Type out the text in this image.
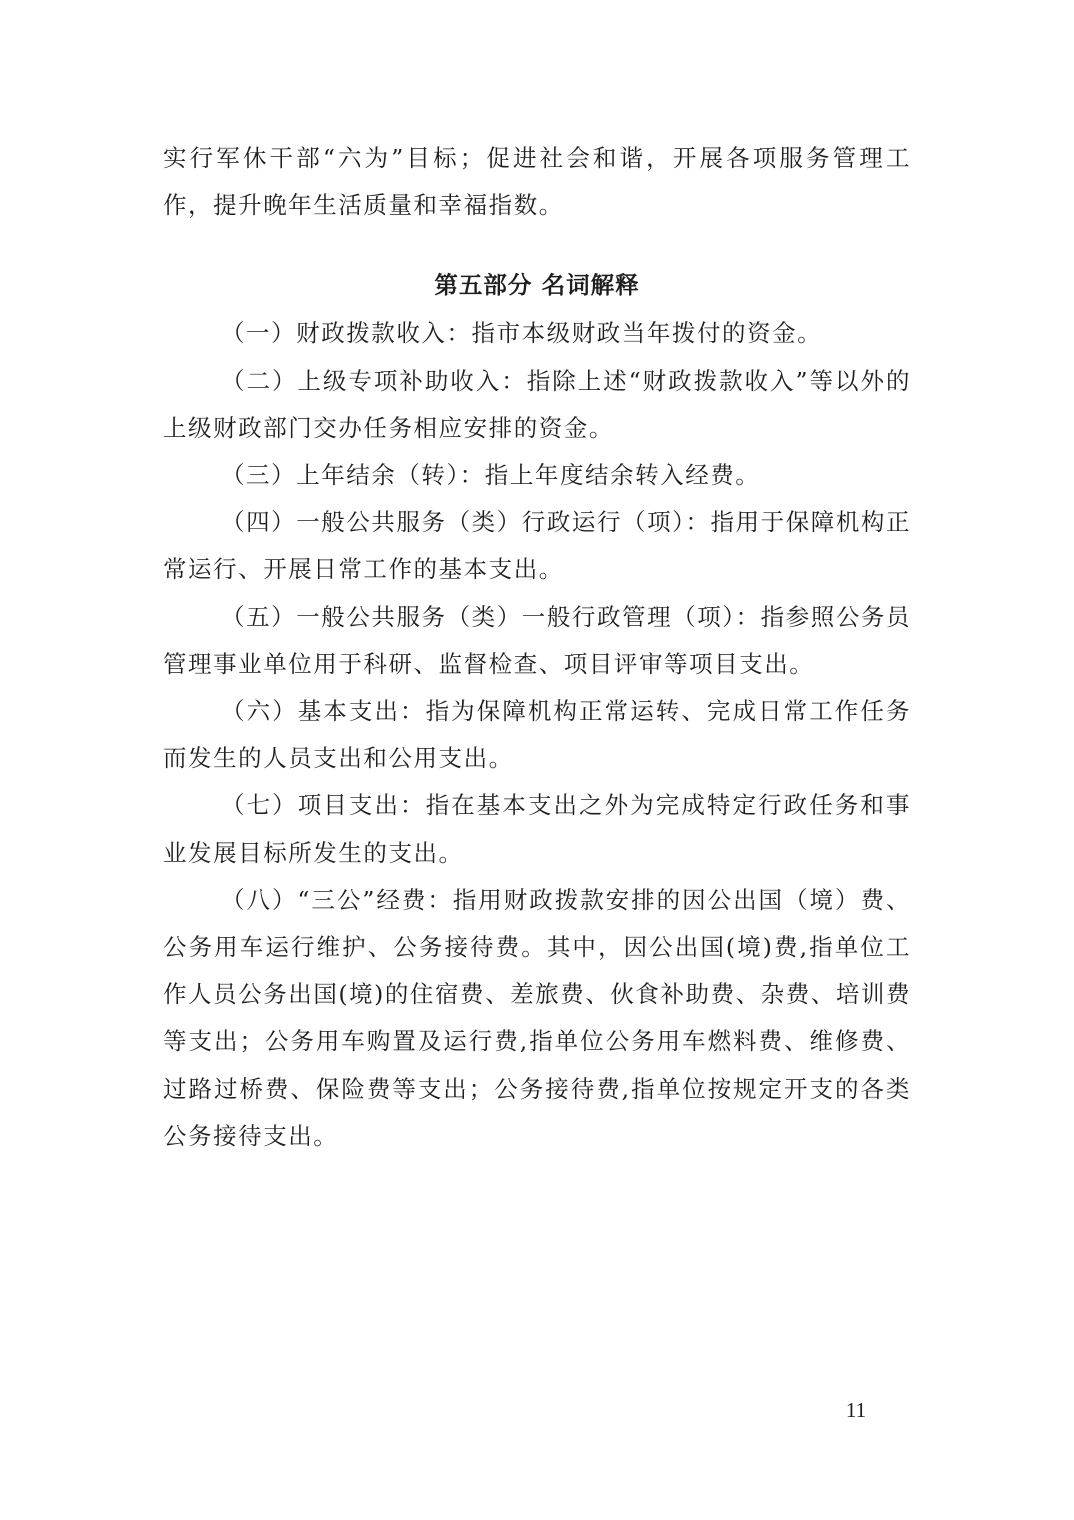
实行军休干部“六为”目标；促进社会和谐，开展各项服务管理工作，提升晚年生活质量和幸福指数。

第五部分 名词解释

（一）财政拨款收入：指市本级财政当年拨付的资金。

（二）上级专项补助收入：指除上述“财政拨款收入”等以外的上级财政部门交办任务相应安排的资金。

（三）上年结余（转）：指上年度结余转入经费。

（四）一般公共服务（类）行政运行（项）：指用于保障机构正常运行、开展日常工作的基本支出。

（五）一般公共服务（类）一般行政管理（项）：指参照公务员管理事业单位用于科研、监督检查、项目评审等项目支出。

（六）基本支出：指为保障机构正常运转、完成日常工作任务而发生的人员支出和公用支出。

（七）项目支出：指在基本支出之外为完成特定行政任务和事业发展目标所发生的支出。

（八）“三公”经费：指用财政拨款安排的因公出国（境）费、公务用车运行维护、公务接待费。其中，因公出国(境)费,指单位工作人员公务出国(境)的住宿费、差旅费、伙食补助费、杂费、培训费等支出；公务用车购置及运行费,指单位公务用车燃料费、维修费、过路过桥费、保险费等支出；公务接待费,指单位按规定开支的各类公务接待支出。

11
